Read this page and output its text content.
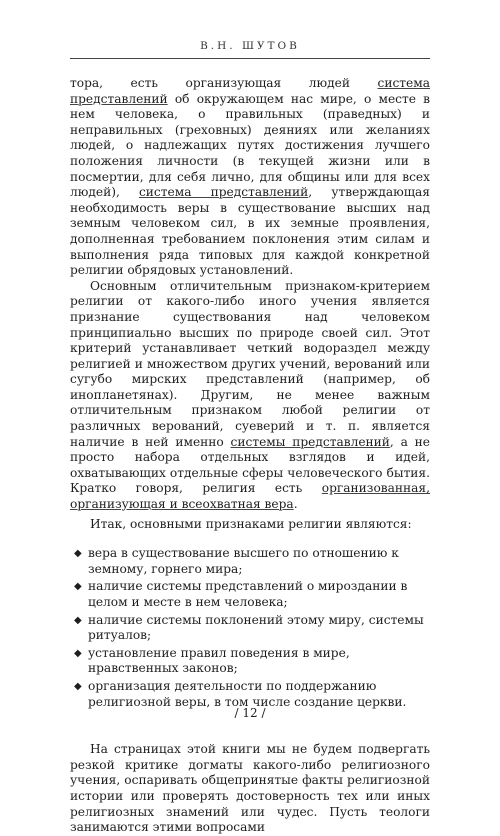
В.Н. ШУТОВ

тора, есть организующая людей система представлений об окружающем нас мире, о месте в нем человека, о правильных (праведных) и неправильных (греховных) деяниях или желаниях людей, о надлежащих путях достижения лучшего положения личности (в текущей жизни или в посмертии, для себя лично, для общины или для всех людей), система представлений, утверждающая необходимость веры в существование высших над земным человеком сил, в их земные проявления, дополненная требованием поклонения этим силам и выполнения ряда типовых для каждой конкретной религии обрядовых установлений.

Основным отличительным признаком-критерием религии от какого-либо иного учения является признание существования над человеком принципиально высших по природе своей сил. Этот критерий устанавливает четкий водораздел между религией и множеством других учений, верований или сугубо мирских представлений (например, об инопланетянах). Другим, не менее важным отличительным признаком любой религии от различных верований, суеверий и т. п. является наличие в ней именно системы представлений, а не просто набора отдельных взглядов и идей, охватывающих отдельные сферы человеческого бытия. Кратко говоря, религия есть организованная, организующая и всеохватная вера.

Итак, основными признаками религии являются:

◆ вера в существование высшего по отношению к земному, горнего мира;
◆ наличие системы представлений о мироздании в целом и месте в нем человека;
◆ наличие системы поклонений этому миру, системы ритуалов;
◆ установление правил поведения в мире, нравственных законов;
◆ организация деятельности по поддержанию религиозной веры, в том числе создание церкви.

На страницах этой книги мы не будем подвергать резкой критике догматы какого-либо религиозного учения, оспаривать общепринятые факты религиозной истории или проверять достоверность тех или иных религиозных знамений или чудес. Пусть теологи занимаются этими вопросами

/ 12 /
